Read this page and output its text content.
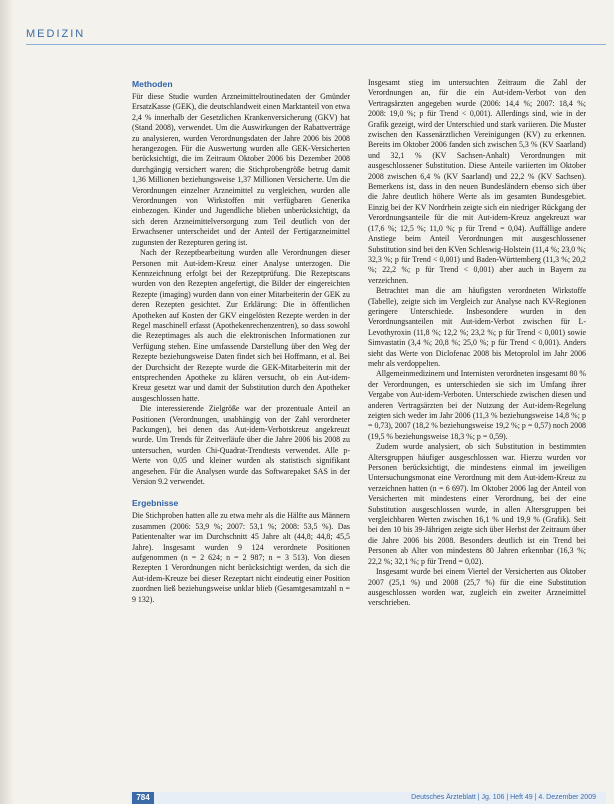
MEDIZIN
Methoden

Für diese Studie wurden Arzneimittelroutinedaten der Gmünder ErsatzKasse (GEK), die deutschlandweit einen Marktanteil von etwa 2,4 % innerhalb der Gesetzlichen Krankenversicherung (GKV) hat (Stand 2008), verwendet. Um die Auswirkungen der Rabattverträge zu analysieren, wurden Verordnungsdaten der Jahre 2006 bis 2008 herangezogen. Für die Auswertung wurden alle GEK-Versicherten berücksichtigt, die im Zeitraum Oktober 2006 bis Dezember 2008 durchgängig versichert waren; die Stichprobengröße betrug damit 1,36 Millionen beziehungsweise 1,37 Millionen Versicherte. Um die Verordnungen einzelner Arzneimittel zu vergleichen, wurden alle Verordnungen von Wirkstoffen mit verfügbaren Generika einbezogen. Kinder und Jugendliche blieben unberücksichtigt, da sich deren Arzneimittelversorgung zum Teil deutlich von der Erwachsener unterscheidet und der Anteil der Fertigarzneimittel zugunsten der Rezepturen gering ist.

Nach der Rezeptbearbeitung wurden alle Verordnungen dieser Personen mit Aut-idem-Kreuz einer Analyse unterzogen. Die Kennzeichnung erfolgt bei der Rezeptprüfung. Die Rezeptscans wurden von den Rezepten angefertigt, die Bilder der eingereichten Rezepte (imaging) wurden dann von einer Mitarbeiterin der GEK zu deren Rezepten gesichtet. Zur Erklärung: Die in öffentlichen Apotheken auf Kosten der GKV eingelösten Rezepte werden in der Regel maschinell erfasst (Apothekenrechenzentren), so dass sowohl die Rezeptimages als auch die elektronischen Informationen zur Verfügung stehen. Eine umfassende Darstellung über den Weg der Rezepte beziehungsweise Daten findet sich bei Hoffmann, et al. Bei der Durchsicht der Rezepte wurde die GEK-Mitarbeiterin mit der entsprechenden Apotheke zu klären versucht, ob ein Aut-idem-Kreuz gesetzt war und damit der Substitution durch den Apotheker ausgeschlossen hatte.

Die interessierende Zielgröße war der prozentuale Anteil an Positionen (Verordnungen, unabhängig von der Zahl verordneter Packungen), bei denen das Aut-idem-Verbotskreuz angekreuzt wurde. Um Trends für Zeitverläufe über die Jahre 2006 bis 2008 zu untersuchen, wurden Chi-Quadrat-Trendtests verwendet. Alle p-Werte von 0,05 und kleiner wurden als statistisch signifikant angesehen. Für die Analysen wurde das Softwarepaket SAS in der Version 9.2 verwendet.

Ergebnisse

Die Stichproben hatten alle zu etwa mehr als die Hälfte aus Männern zusammen (2006: 53,9 %; 2007: 53,1 %; 2008: 53,5 %). Das Patientenalter war im Durchschnitt 45 Jahre alt (44,8; 44,8; 45,5 Jahre). Insgesamt wurden 9 124 verordnete Positionen aufgenommen (n = 2 624; n = 2 987; n = 3 513). Von diesen Rezepten 1 Verordnungen nicht berücksichtigt werden, da sich die Aut-idem-Kreuze bei dieser Rezeptart nicht eindeutig einer Position zuordnen ließ beziehungsweise unklar blieb (Gesamtgesamtzahl n = 9 132).

Insgesamt stieg im untersuchten Zeitraum die Zahl der Verordnungen an, für die ein Aut-idem-Verbot von den Vertragsärzten angegeben wurde (2006: 14,4 %; 2007: 18,4 %; 2008: 19,0 %; p für Trend < 0,001). Allerdings sind, wie in der Grafik gezeigt, wird der Unterschied und stark variieren. Die Muster zwischen den Kassenärztlichen Vereinigungen (KV) zu erkennen. Bereits im Oktober 2006 fanden sich zwischen 5,3 % (KV Saarland) und 32,1 % (KV Sachsen-Anhalt) Verordnungen mit ausgeschlossener Substitution. Diese Anteile variierten im Oktober 2008 zwischen 6,4 % (KV Saarland) und 22,2 % (KV Sachsen). Bemerkens ist, dass in den neuen Bundesländern ebenso sich über die Jahre deutlich höhere Werte als im gesamten Bundesgebiet. Einzig bei der KV Nordrhein zeigte sich ein niedriger Rückgang der Verordnungsanteile für die mit Aut-idem-Kreuz angekreuzt war (17,6 %; 12,5 %; 11,0 %; p für Trend = 0,04). Auffällige andere Anstiege beim Anteil Verordnungen mit ausgeschlossener Substitution sind bei den KVen Schleswig-Holstein (11,4 %; 23,0 %; 32,3 %; p für Trend < 0,001) und Baden-Württemberg (11,3 %; 20,2 %; 22,2 %; p für Trend < 0,001) aber auch in Bayern zu verzeichnen.

Betrachtet man die am häufigsten verordneten Wirkstoffe (Tabelle), zeigte sich im Vergleich zur Analyse nach KV-Regionen geringere Unterschiede. Insbesondere wurden in den Verordnungsanteilen mit Aut-idem-Verbot zwischen für L-Levothyroxin (11,8 %; 12,2 %; 23,2 %; p für Trend < 0,001) sowie Simvastatin (3,4 %; 20,8 %; 25,0 %; p für Trend < 0,001). Anders sieht das Werte von Diclofenac 2008 bis Metoprolol im Jahr 2006 mehr als verdoppelten.

Allgemeinmedizinern und Internisten verordneten insgesamt 80 % der Verordnungen, es unterschieden sie sich im Umfang ihrer Vergabe von Aut-idem-Verboten. Unterschiede zwischen diesen und anderen Vertragsärzten bei der Nutzung der Aut-idem-Regelung zeigten sich weder im Jahr 2006 (11,3 % beziehungsweise 14,8 %; p = 0,73), 2007 (18,2 % beziehungsweise 19,2 %; p = 0,57) noch 2008 (19,5 % beziehungsweise 18,3 %; p = 0,59).

Zudem wurde analysiert, ob sich Substitution in bestimmten Altersgruppen häufiger ausgeschlossen war. Hierzu wurden vor Personen berücksichtigt, die mindestens einmal im jeweiligen Untersuchungsmonat eine Verordnung mit dem Aut-idem-Kreuz zu verzeichnen hatten (n = 6 697). Im Oktober 2006 lag der Anteil von Versicherten mit mindestens einer Verordnung, bei der eine Substitution ausgeschlossen wurde, in allen Altersgruppen bei vergleichbaren Werten zwischen 16,1 % und 19,9 % (Grafik). Seit bei den 10 bis 39-Jährigen zeigte sich über Herbst der Zeitraum über die Jahre 2006 bis 2008. Besonders deutlich ist ein Trend bei Personen ab Alter von mindestens 80 Jahren erkennbar (16,3 %; 22,2 %; 32,1 %; p für Trend = 0,02).

Insgesamt wurde bei einem Viertel der Versicherten aus Oktober 2007 (25,1 %) und 2008 (25,7 %) für die eine Substitution ausgeschlossen worden war, zugleich ein zweiter Arzneimittel verschrieben.

784	Deutsches Ärzteblatt | Jg. 106 | Heft 49 | 4. Dezember 2009
